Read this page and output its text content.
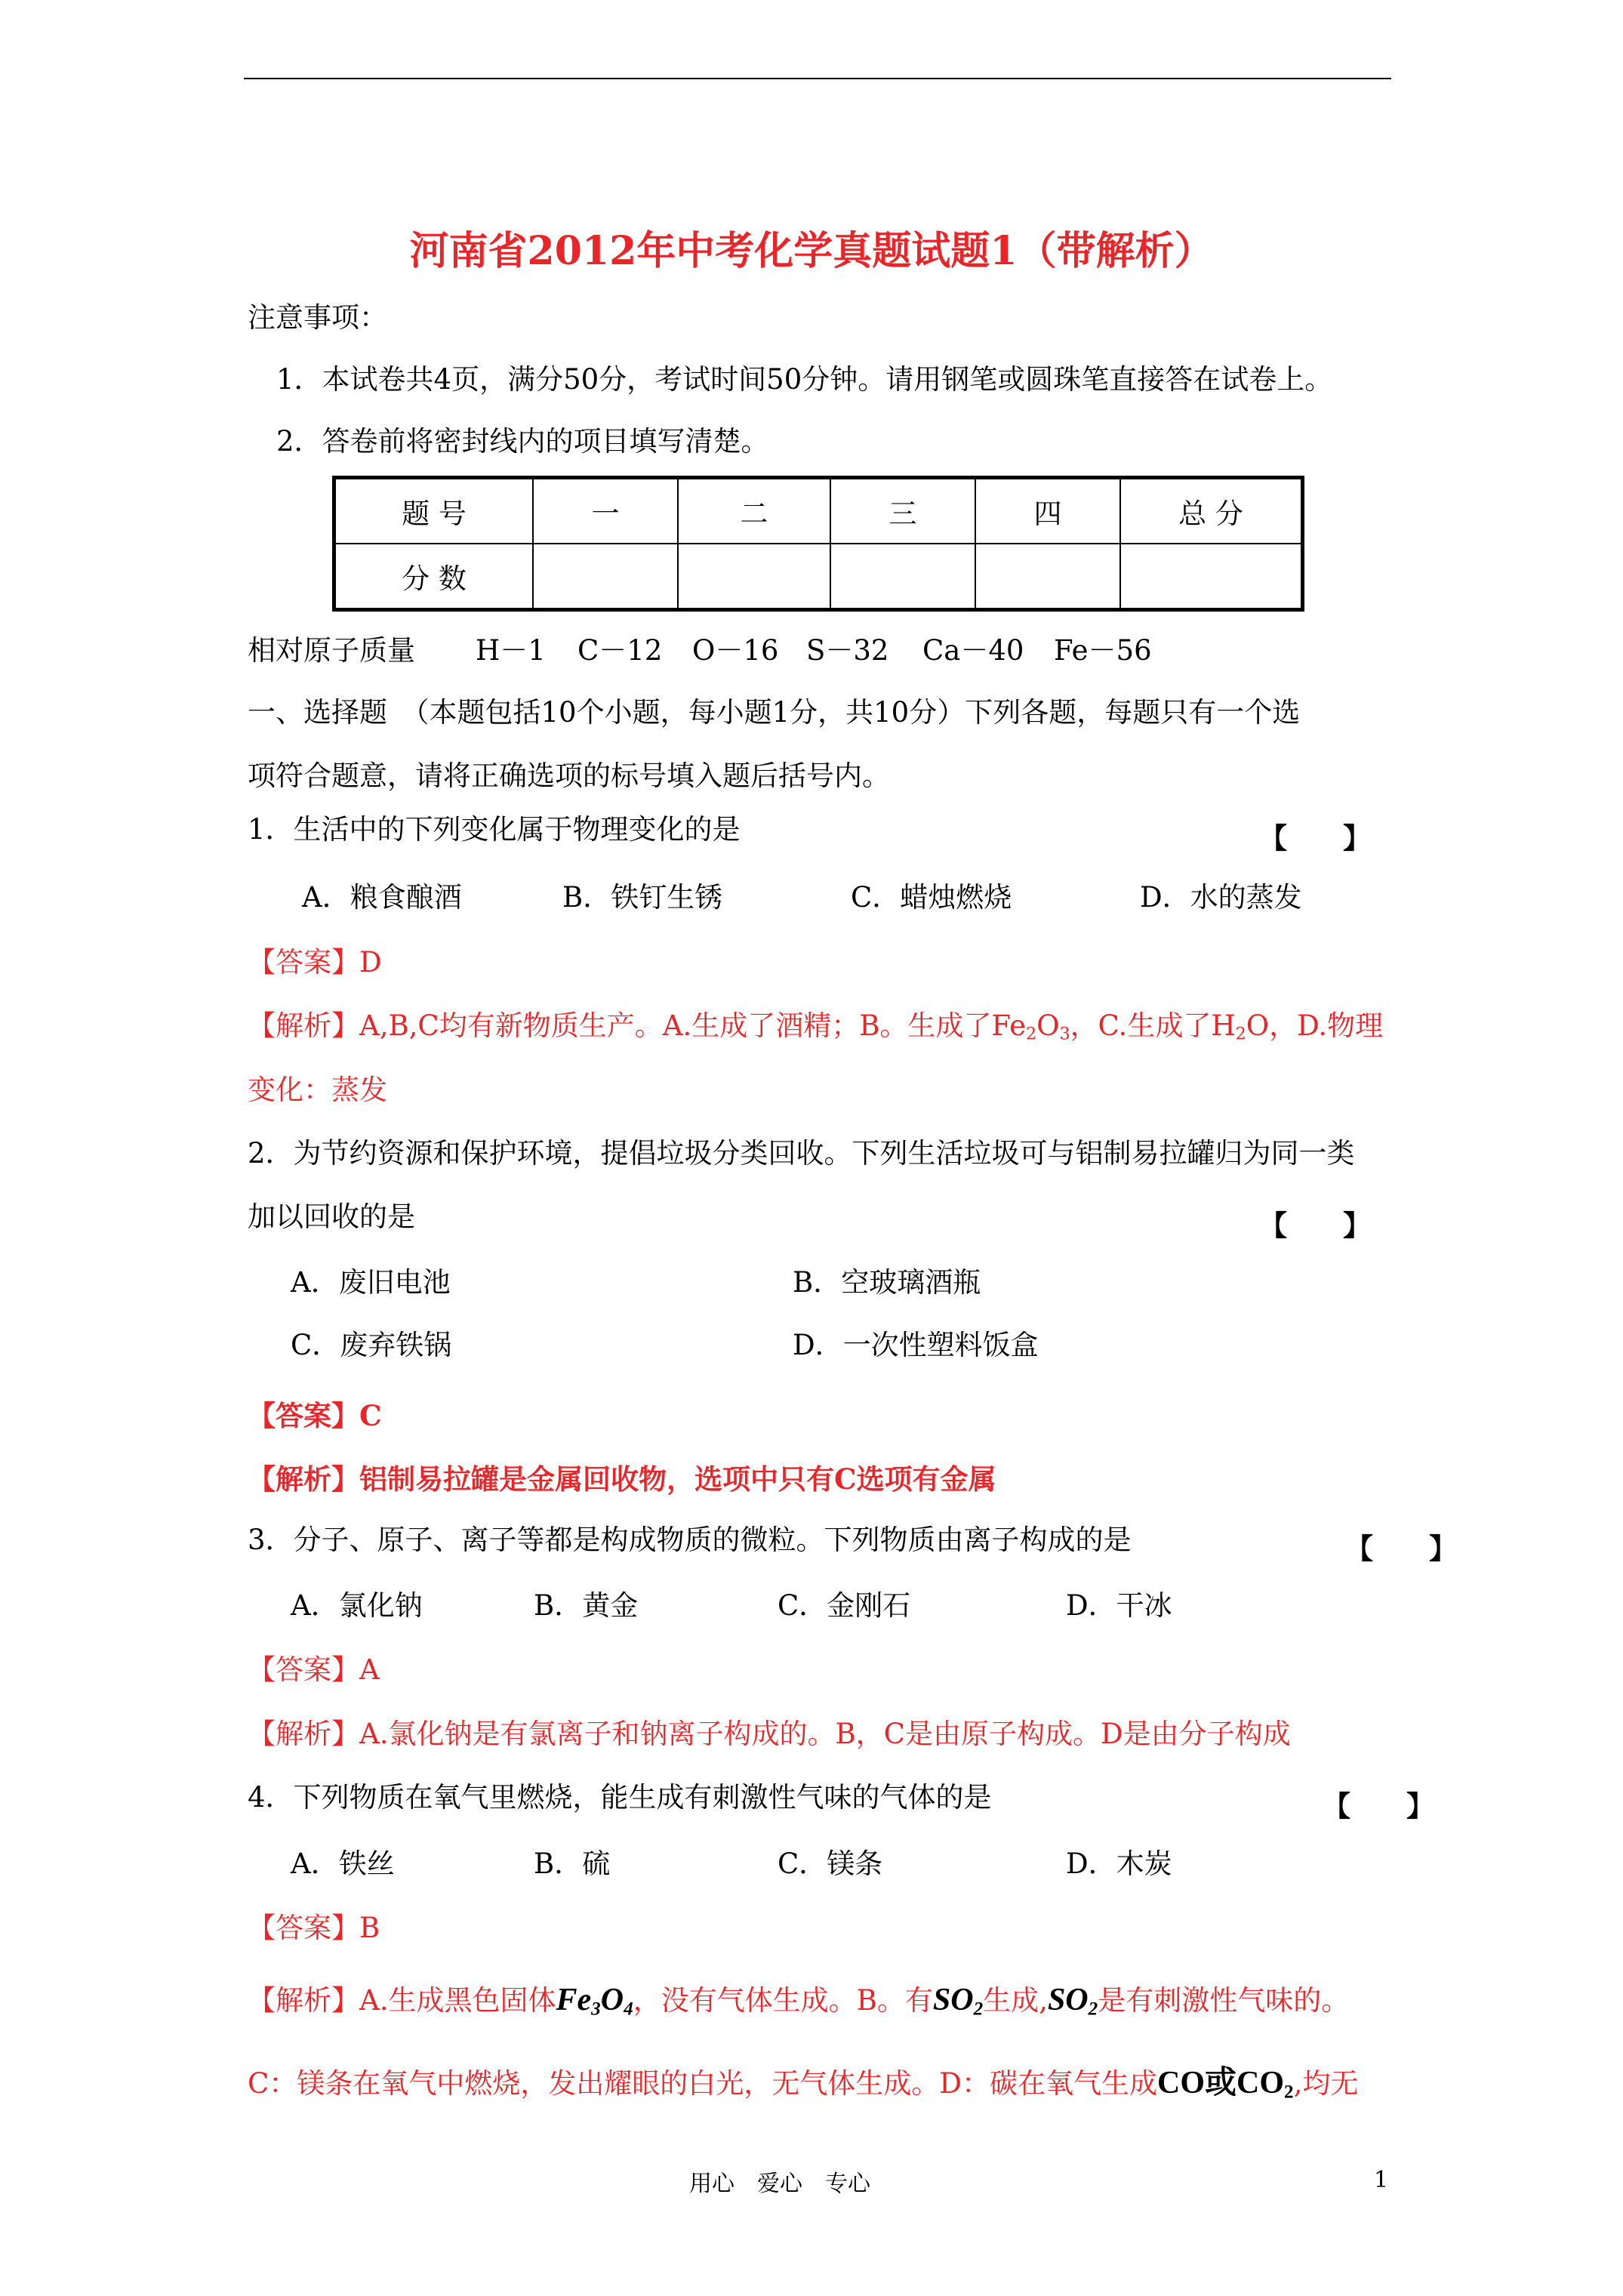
河南省2012年中考化学真题试题1（带解析）
注意事项：
1．本试卷共4页，满分50分，考试时间50分钟。请用钢笔或圆珠笔直接答在试卷上。
2．答卷前将密封线内的项目填写清楚。
题 号	一	二	三	四	总 分
分 数					
相对原子质量 H－1 C－12 O－16 S－32 Ca－40 Fe－56
一、选择题　（本题包括10个小题，每小题1分，共10分）下列各题，每题只有一个选
项符合题意，请将正确选项的标号填入题后括号内。
1．生活中的下列变化属于物理变化的是	【　　】
A．粮食酿酒	B．铁钉生锈	C．蜡烛燃烧	D．水的蒸发
【答案】D
【解析】A,B,C均有新物质生产。A.生成了酒精；B。生成了$Fe_2O_3$，C.生成了$H_2O$，D.物理
变化：蒸发
2．为节约资源和保护环境，提倡垃圾分类回收。下列生活垃圾可与铝制易拉罐归为同一类
加以回收的是	【　　】
A．废旧电池	B．空玻璃酒瓶
C．废弃铁锅	D．一次性塑料饭盒
【答案】C
【解析】铝制易拉罐是金属回收物，选项中只有C选项有金属
3．分子、原子、离子等都是构成物质的微粒。下列物质由离子构成的是	【　　】
A．氯化钠	B．黄金	C．金刚石	D．干冰
【答案】A
【解析】A.氯化钠是有氯离子和钠离子构成的。B，C是由原子构成。D是由分子构成
4．下列物质在氧气里燃烧，能生成有刺激性气味的气体的是	【　　】
A．铁丝	B．硫	C．镁条	D．木炭
【答案】B
【解析】A.生成黑色固体$Fe_3O_4$，没有气体生成。B。有$SO_2$生成$,SO_2$是有刺激性气味的。
C：镁条在氧气中燃烧，发出耀眼的白光，无气体生成。D：碳在氧气生成CO或$CO_2$,均无
用心　爱心　专心	1
